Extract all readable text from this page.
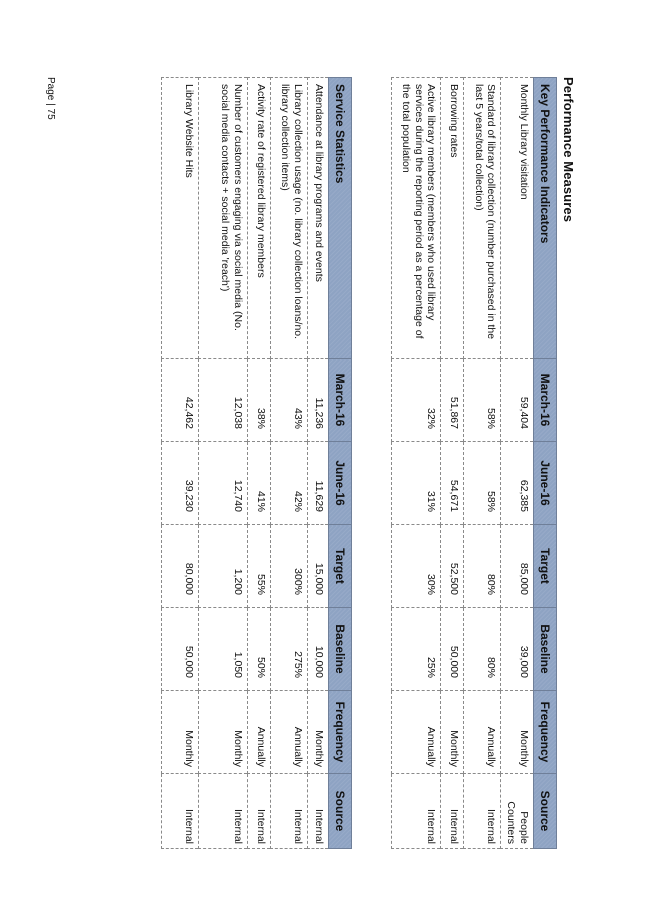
Performance Measures
Key Performance Indicators	March-16	June-16	Target	Baseline	Frequency	Source
Monthly Library visitation	59,404	62,385	85,000	39,000	Monthly	People Counters
Standard of library collection (number purchased in the last 5 years/total collection)	58%	58%	80%	80%	Annually	Internal
Borrowing rates	51,867	54,671	52,500	50,000	Monthly	Internal
Active library members (members who used library services during the reporting period as a percentage of the total population	32%	31%	30%	25%	Annually	Internal
Service Statistics	March-16	June-16	Target	Baseline	Frequency	Source
Attendance at library programs and events	11,236	11,629	15,000	10,000	Monthly	Internal
Library collection usage (no. library collection loans/no. library collection items)	43%	42%	300%	275%	Annually	Internal
Activity rate of registered library members	38%	41%	55%	50%	Annually	Internal
Number of customers engaging via social media (No. social media contacts + social media 'reach')	12,038	12,740	1,200	1,050	Monthly	Internal
Library Website Hits	42,462	39,230	80,000	50,000	Monthly	Internal
Page | 75
